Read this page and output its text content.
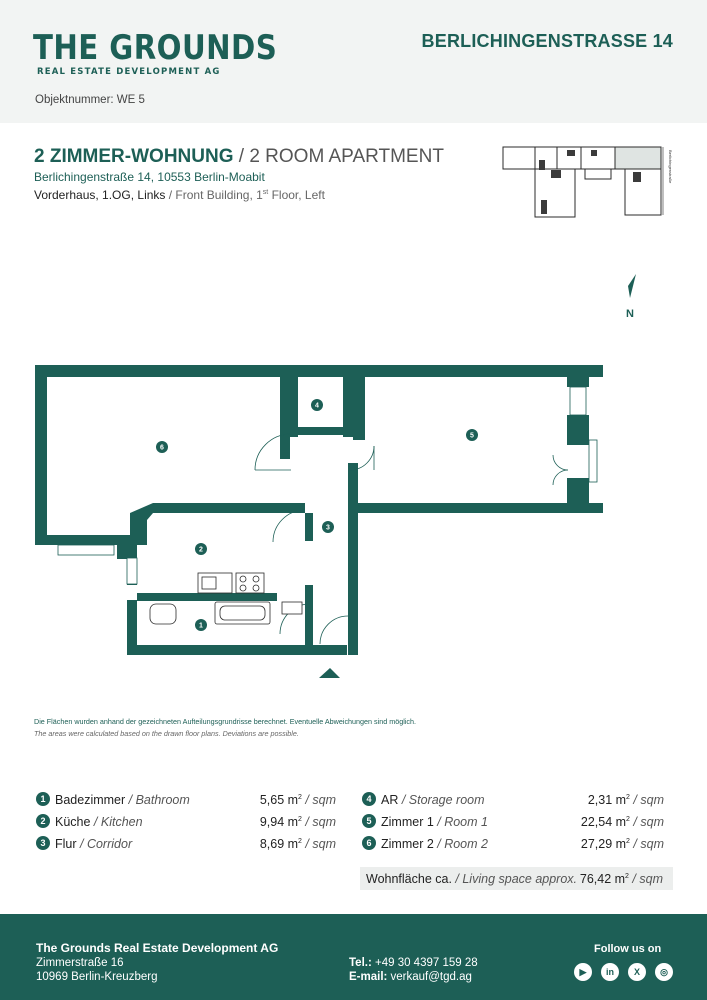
THE GROUNDS
REAL ESTATE DEVELOPMENT AG
BERLICHINGENSTRASSE 14
Objektnummer: WE 5
2 ZIMMER-WOHNUNG / 2 ROOM APARTMENT
Berlichingenstraße 14, 10553 Berlin-Moabit
Vorderhaus, 1.OG, Links / Front Building, 1st Floor, Left
Berlichingenstraße
N
1
2
3
4
5
6
Die Flächen wurden anhand der gezeichneten Aufteilungsgrundrisse berechnet. Eventuelle Abweichungen sind möglich.
The areas were calculated based on the drawn floor plans. Deviations are possible.
1 Badezimmer / Bathroom	5,65 $m^2$ / sqm
2 Küche / Kitchen	9,94 $m^2$ / sqm
3 Flur / Corridor	8,69 $m^2$ / sqm
4 AR / Storage room	2,31 $m^2$ / sqm
5 Zimmer 1 / Room 1	22,54 $m^2$ / sqm
6 Zimmer 2 / Room 2	27,29 $m^2$ / sqm
Wohnfläche ca. / Living space approx. 76,42 $m^2$ / sqm
The Grounds Real Estate Development AG
Zimmerstraße 16
10969 Berlin-Kreuzberg
Tel.: +49 30 4397 159 28
E-mail: verkauf@tgd.ag
Follow us on
▶	in	X	◎
